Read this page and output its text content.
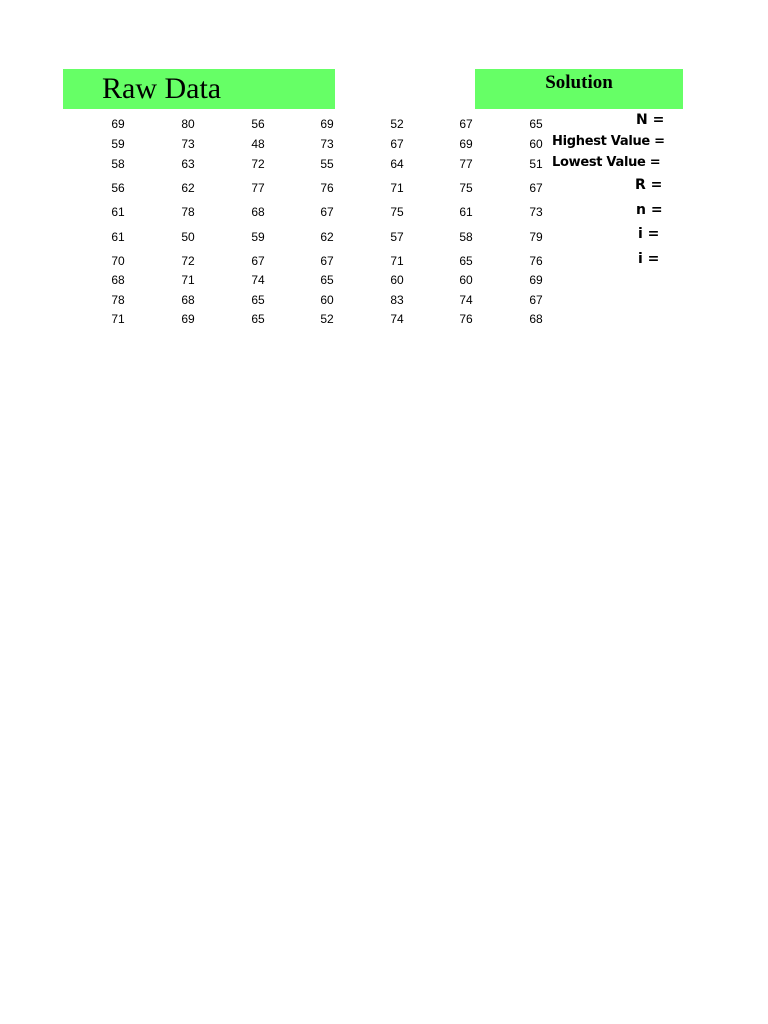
Raw Data	Solution
69	80	56	69	52	67	65
59	73	48	73	67	69	60
58	63	72	55	64	77	51
56	62	77	76	71	75	67
61	78	68	67	75	61	73
61	50	59	62	57	58	79
70	72	67	67	71	65	76
68	71	74	65	60	60	69
78	68	65	60	83	74	67
71	69	65	52	74	76	68
N =
Highest Value =
Lowest Value =
R =
n =
i =
i =
